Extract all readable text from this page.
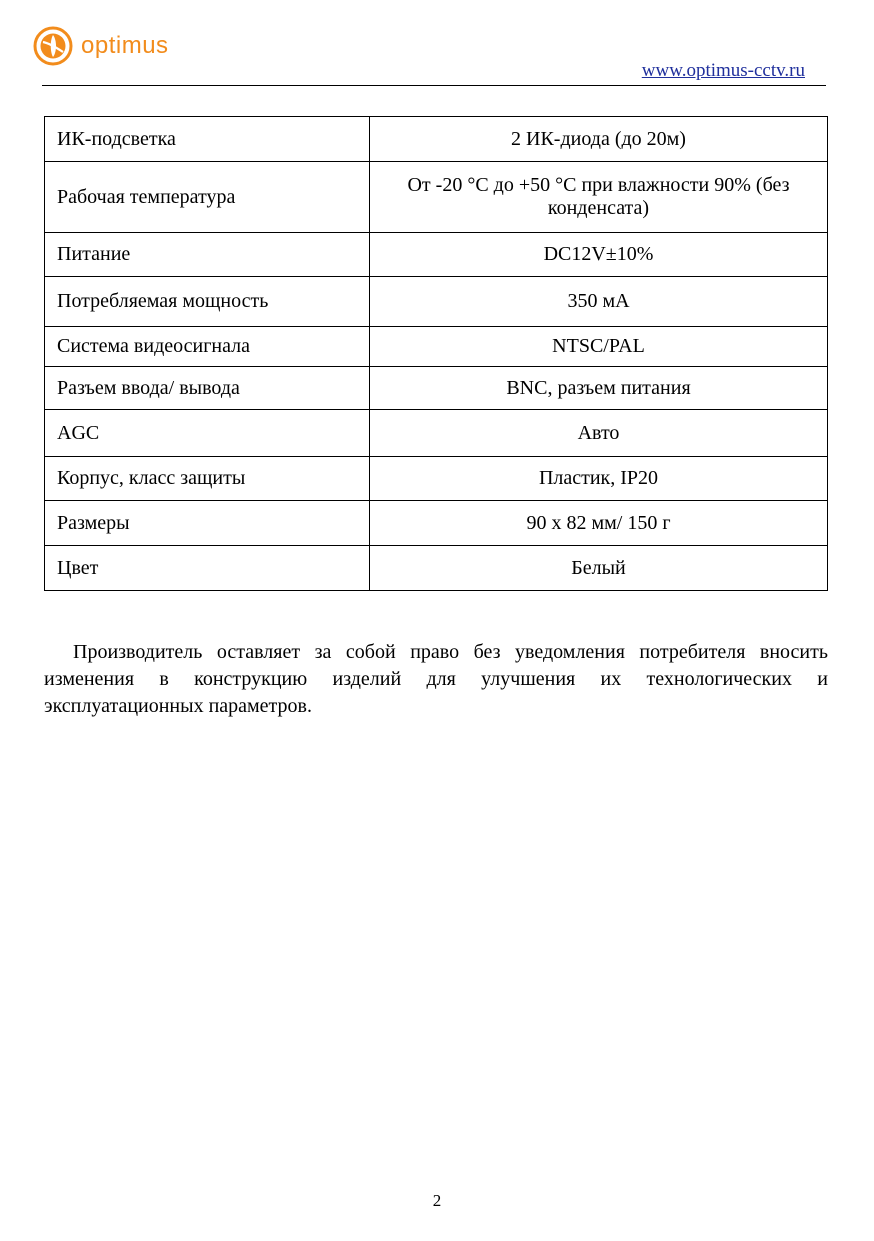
optimus
www.optimus-cctv.ru
ИК-подсветка	2 ИК-диода (до 20м)
Рабочая температура	От -20 °C до +50 °C при влажности 90% (без конденсата)
Питание	DC12V±10%
Потребляемая мощность	350 мА
Система видеосигнала	NTSC/PAL
Разъем ввода/ вывода	BNC, разъем питания
AGC	Авто
Корпус, класс защиты	Пластик, IP20
Размеры	90 х 82 мм/ 150 г
Цвет	Белый

Производитель оставляет за собой право без уведомления потребителя вносить изменения в конструкцию изделий для улучшения их технологических и эксплуатационных параметров.

2
